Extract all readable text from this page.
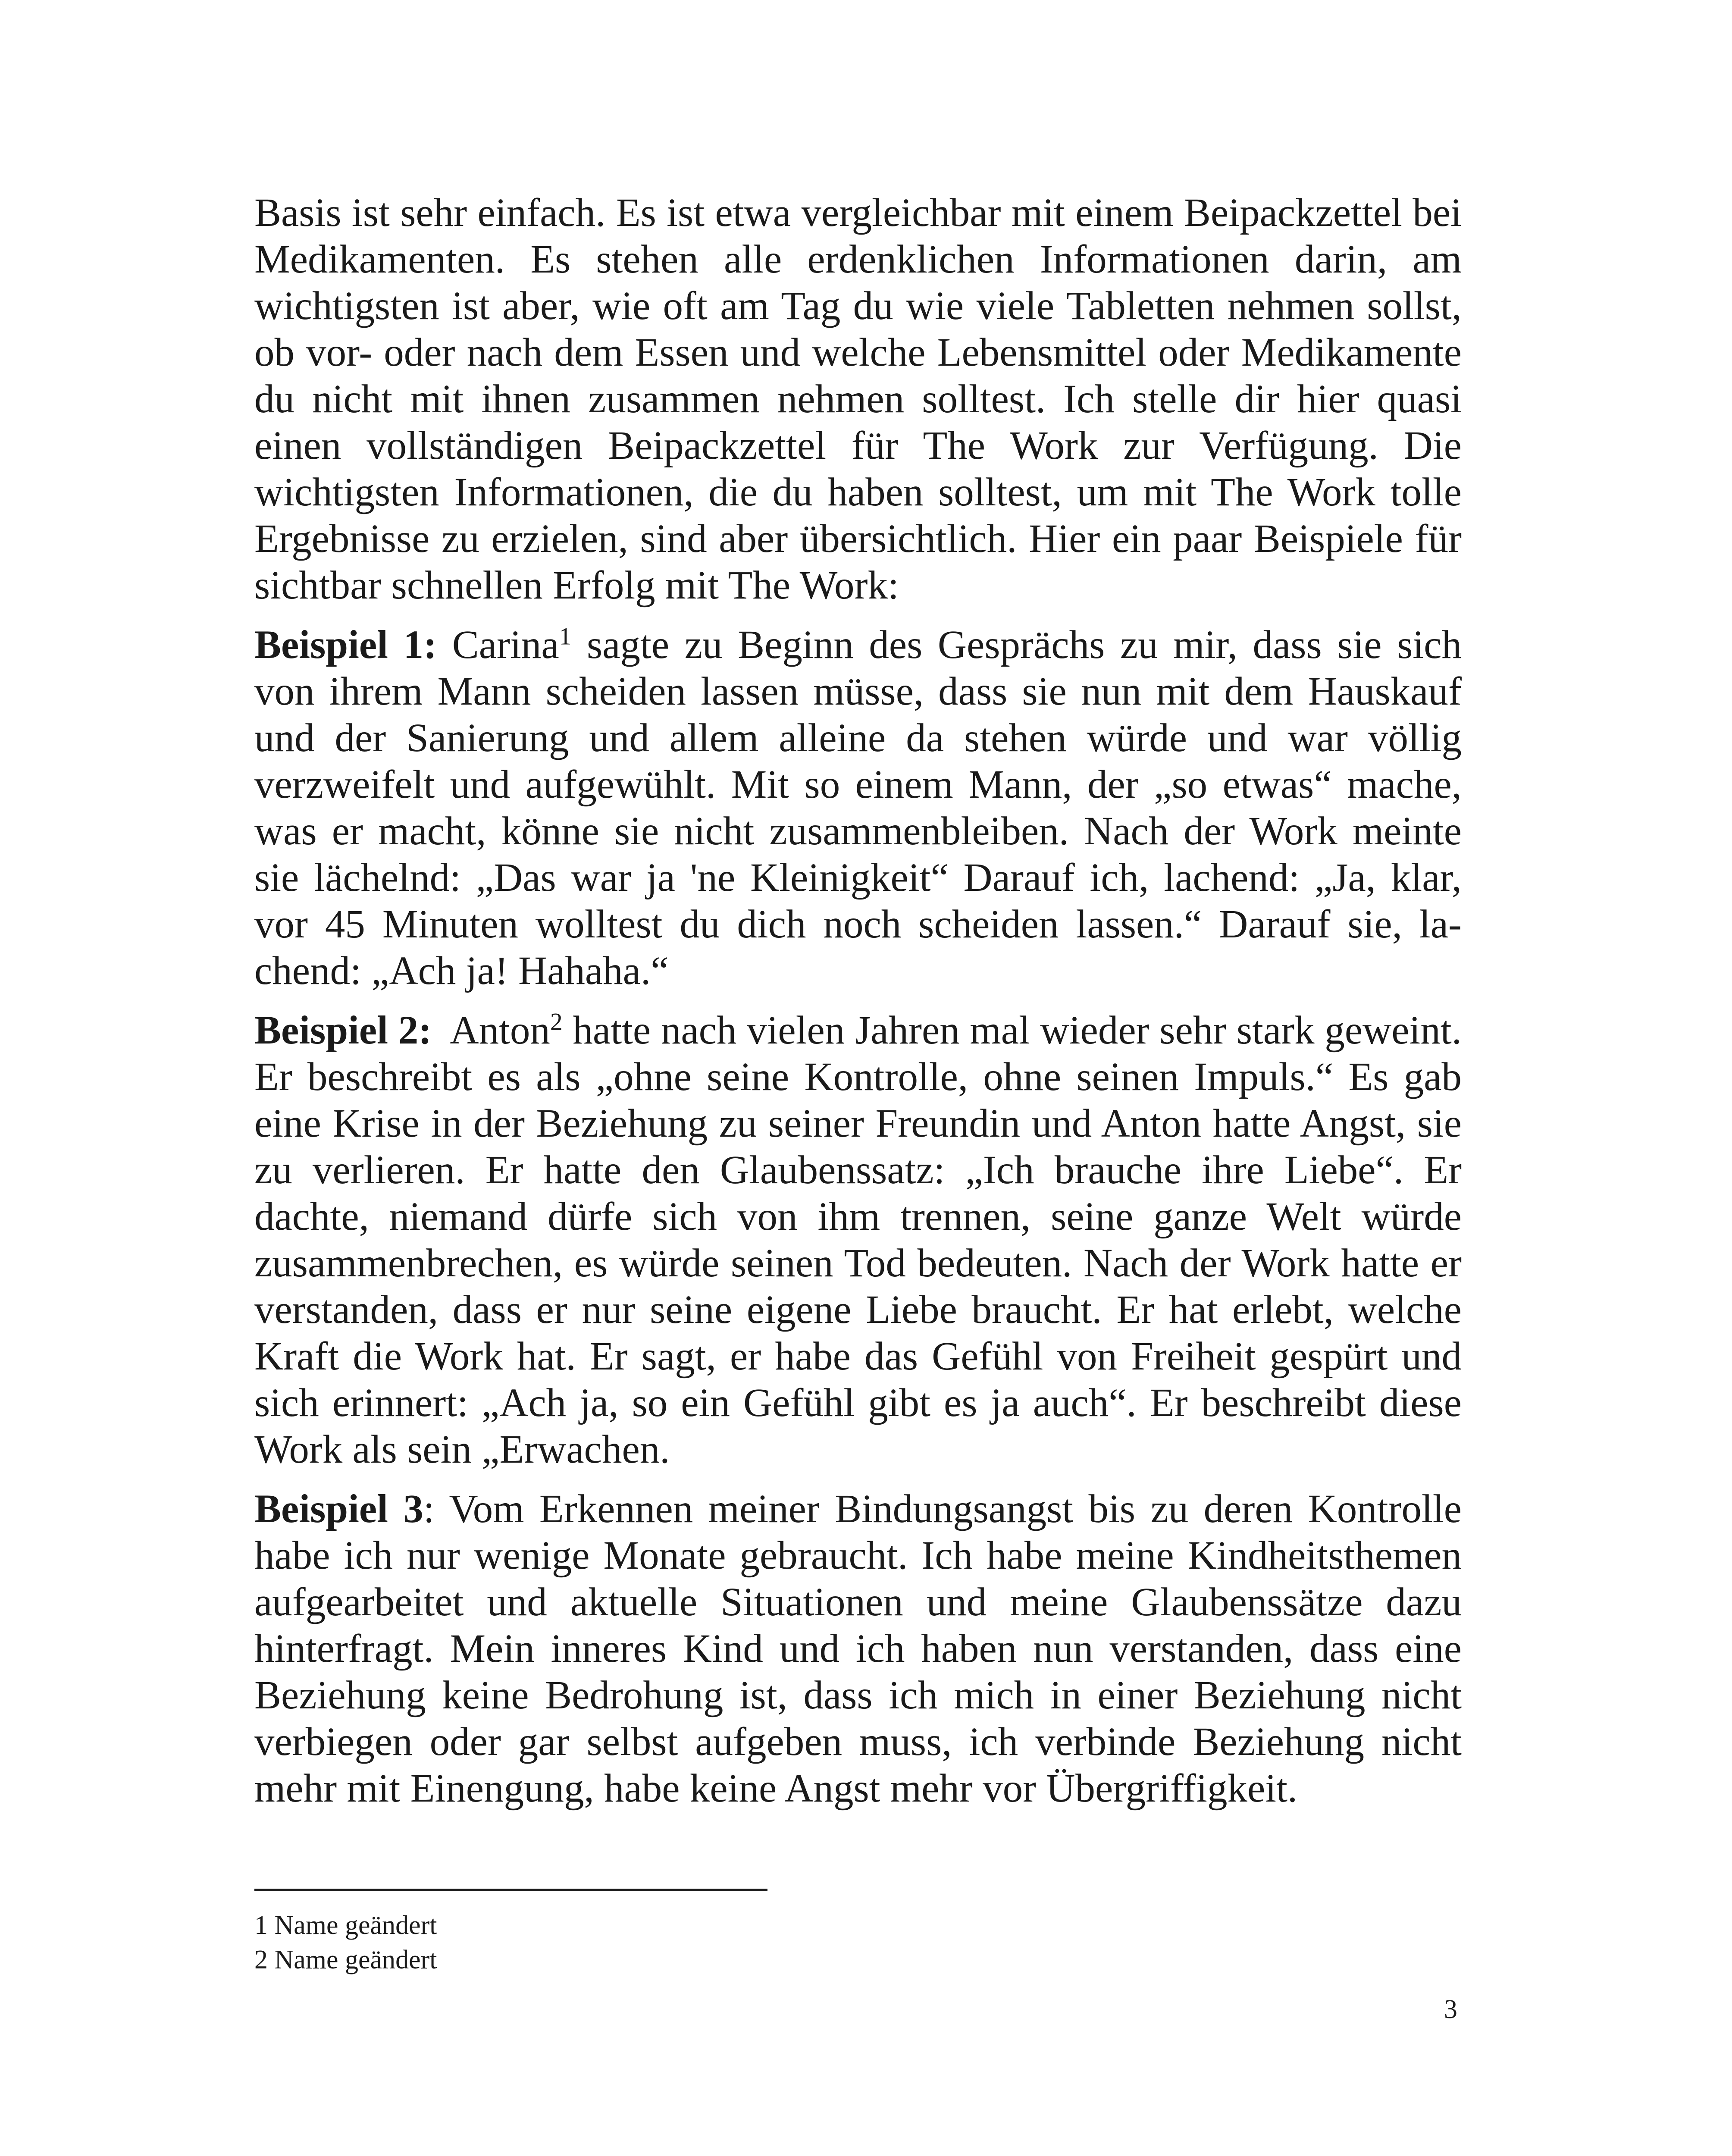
Basis ist sehr einfach. Es ist etwa vergleichbar mit einem Beipackzettel bei Medikamenten. Es stehen alle erdenklichen Informationen darin, am wichtigsten ist aber, wie oft am Tag du wie viele Tabletten nehmen sollst, ob vor- oder nach dem Essen und welche Lebensmittel oder Medikamente du nicht mit ihnen zusammen nehmen solltest. Ich stelle dir hier quasi einen vollständigen Beipackzettel für The Work zur Verfügung. Die wichtigsten Informationen, die du haben solltest, um mit The Work tolle Ergebnisse zu erzielen, sind aber übersichtlich. Hier ein paar Beispiele für sichtbar schnellen Erfolg mit The Work:

Beispiel 1: Carina$^1$ sagte zu Beginn des Gesprächs zu mir, dass sie sich von ihrem Mann scheiden lassen müsse, dass sie nun mit dem Hauskauf und der Sanierung und allem alleine da stehen würde und war völlig verzweifelt und aufgewühlt. Mit so einem Mann, der „so etwas“ mache, was er macht, könne sie nicht zusammenbleiben. Nach der Work meinte sie lächelnd: „Das war ja 'ne Kleinigkeit“ Darauf ich, lachend: „Ja, klar, vor 45 Minuten wolltest du dich noch scheiden lassen.“ Darauf sie, lachend: „Ach ja! Hahaha.“

Beispiel 2: Anton$^2$ hatte nach vielen Jahren mal wieder sehr stark geweint. Er beschreibt es als „ohne seine Kontrolle, ohne seinen Impuls.“ Es gab eine Krise in der Beziehung zu seiner Freundin und Anton hatte Angst, sie zu verlieren. Er hatte den Glaubenssatz: „Ich brauche ihre Liebe“. Er dachte, niemand dürfe sich von ihm trennen, seine ganze Welt würde zusammenbrechen, es würde seinen Tod bedeuten. Nach der Work hatte er verstanden, dass er nur seine eigene Liebe braucht. Er hat erlebt, welche Kraft die Work hat. Er sagt, er habe das Gefühl von Freiheit gespürt und sich erinnert: „Ach ja, so ein Gefühl gibt es ja auch“. Er beschreibt diese Work als sein „Erwachen.

Beispiel 3: Vom Erkennen meiner Bindungsangst bis zu deren Kontrolle habe ich nur wenige Monate gebraucht. Ich habe meine Kindheitsthemen aufgearbeitet und aktuelle Situationen und meine Glaubenssätze dazu hinterfragt. Mein inneres Kind und ich haben nun verstanden, dass eine Beziehung keine Bedrohung ist, dass ich mich in einer Beziehung nicht verbiegen oder gar selbst aufgeben muss, ich verbinde Beziehung nicht mehr mit Einengung, habe keine Angst mehr vor Übergriffigkeit.

1 Name geändert

2 Name geändert

3
